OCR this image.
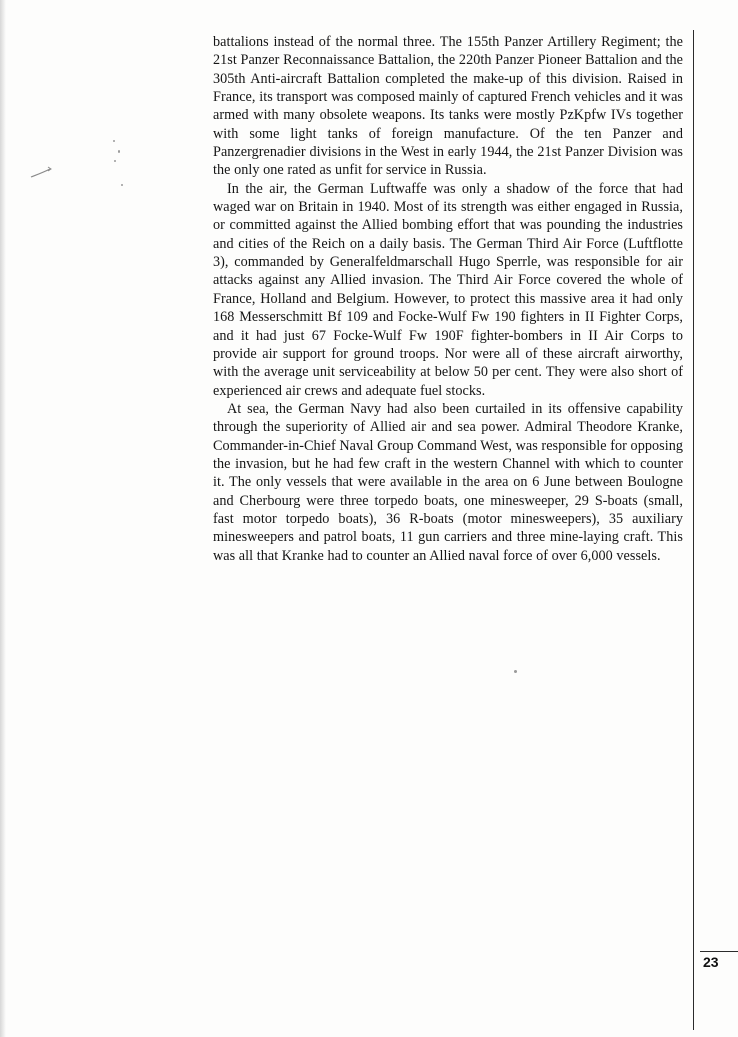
battalions instead of the normal three. The 155th Panzer Artillery Regiment; the 21st Panzer Reconnaissance Battalion, the 220th Panzer Pioneer Battalion and the 305th Anti-aircraft Battalion completed the make-up of this division. Raised in France, its transport was composed mainly of captured French vehicles and it was armed with many obsolete weapons. Its tanks were mostly PzKpfw IVs together with some light tanks of foreign manufacture. Of the ten Panzer and Panzergrenadier divisions in the West in early 1944, the 21st Panzer Division was the only one rated as unfit for service in Russia.

In the air, the German Luftwaffe was only a shadow of the force that had waged war on Britain in 1940. Most of its strength was either engaged in Russia, or committed against the Allied bombing effort that was pounding the industries and cities of the Reich on a daily basis. The German Third Air Force (Luftflotte 3), commanded by Generalfeldmarschall Hugo Sperrle, was responsible for air attacks against any Allied invasion. The Third Air Force covered the whole of France, Holland and Belgium. However, to protect this massive area it had only 168 Messerschmitt Bf 109 and Focke-Wulf Fw 190 fighters in II Fighter Corps, and it had just 67 Focke-Wulf Fw 190F fighter-bombers in II Air Corps to provide air support for ground troops. Nor were all of these aircraft airworthy, with the average unit serviceability at below 50 per cent. They were also short of experienced air crews and adequate fuel stocks.

At sea, the German Navy had also been curtailed in its offensive capability through the superiority of Allied air and sea power. Admiral Theodore Kranke, Commander-in-Chief Naval Group Command West, was responsible for opposing the invasion, but he had few craft in the western Channel with which to counter it. The only vessels that were available in the area on 6 June between Boulogne and Cherbourg were three torpedo boats, one minesweeper, 29 S-boats (small, fast motor torpedo boats), 36 R-boats (motor minesweepers), 35 auxiliary minesweepers and patrol boats, 11 gun carriers and three mine-laying craft. This was all that Kranke had to counter an Allied naval force of over 6,000 vessels.

23
